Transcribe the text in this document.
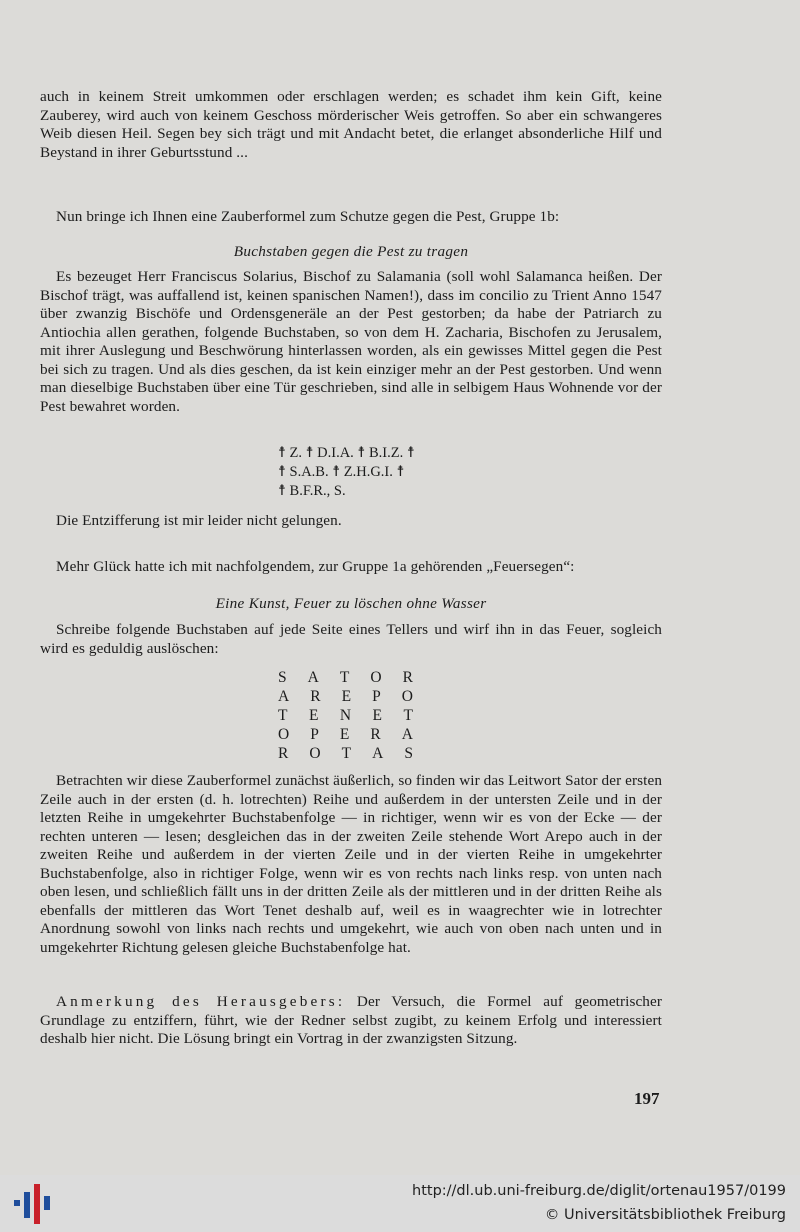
auch in keinem Streit umkommen oder erschlagen werden; es schadet ihm kein Gift, keine Zauberey, wird auch von keinem Geschoss mörderischer Weis getroffen. So aber ein schwangeres Weib diesen Heil. Segen bey sich trägt und mit Andacht betet, die erlanget absonderliche Hilf und Beystand in ihrer Geburtsstund ...
Nun bringe ich Ihnen eine Zauberformel zum Schutze gegen die Pest, Gruppe 1b:
Buchstaben gegen die Pest zu tragen
Es bezeuget Herr Franciscus Solarius, Bischof zu Salamania (soll wohl Salamanca heißen. Der Bischof trägt, was auffallend ist, keinen spanischen Namen!), dass im concilio zu Trient Anno 1547 über zwanzig Bischöfe und Ordensgeneräle an der Pest gestorben; da habe der Patriarch zu Antiochia allen gerathen, folgende Buchstaben, so von dem H. Zacharia, Bischofen zu Jerusalem, mit ihrer Auslegung und Beschwörung hinterlassen worden, als ein gewisses Mittel gegen die Pest bei sich zu tragen. Und als dies geschen, da ist kein einziger mehr an der Pest gestorben. Und wenn man dieselbige Buchstaben über eine Tür geschrieben, sind alle in selbigem Haus Wohnende vor der Pest bewahret worden.
☨ Z. ☨ D.I.A. ☨ B.I.Z. ☨
☨ S.A.B. ☨ Z.H.G.I. ☨
☨ B.F.R., S.
Die Entzifferung ist mir leider nicht gelungen.
Mehr Glück hatte ich mit nachfolgendem, zur Gruppe 1a gehörenden „Feuersegen“:
Eine Kunst, Feuer zu löschen ohne Wasser
Schreibe folgende Buchstaben auf jede Seite eines Tellers und wirf ihn in das Feuer, sogleich wird es geduldig auslöschen:
S A T O R
A R E P O
T E N E T
O P E R A
R O T A S
Betrachten wir diese Zauberformel zunächst äußerlich, so finden wir das Leitwort Sator der ersten Zeile auch in der ersten (d. h. lotrechten) Reihe und außerdem in der untersten Zeile und in der letzten Reihe in umgekehrter Buchstabenfolge — in richtiger, wenn wir es von der Ecke — der rechten unteren — lesen; desgleichen das in der zweiten Zeile stehende Wort Arepo auch in der zweiten Reihe und außerdem in der vierten Zeile und in der vierten Reihe in umgekehrter Buchstabenfolge, also in richtiger Folge, wenn wir es von rechts nach links resp. von unten nach oben lesen, und schließlich fällt uns in der dritten Zeile als der mittleren und in der dritten Reihe als ebenfalls der mittleren das Wort Tenet deshalb auf, weil es in waagrechter wie in lotrechter Anordnung sowohl von links nach rechts und umgekehrt, wie auch von oben nach unten und in umgekehrter Richtung gelesen gleiche Buchstabenfolge hat.
Anmerkung des Herausgebers: Der Versuch, die Formel auf geometrischer Grundlage zu entziffern, führt, wie der Redner selbst zugibt, zu keinem Erfolg und interessiert deshalb hier nicht. Die Lösung bringt ein Vortrag in der zwanzigsten Sitzung.
197
http://dl.ub.uni-freiburg.de/diglit/ortenau1957/0199
© Universitätsbibliothek Freiburg
